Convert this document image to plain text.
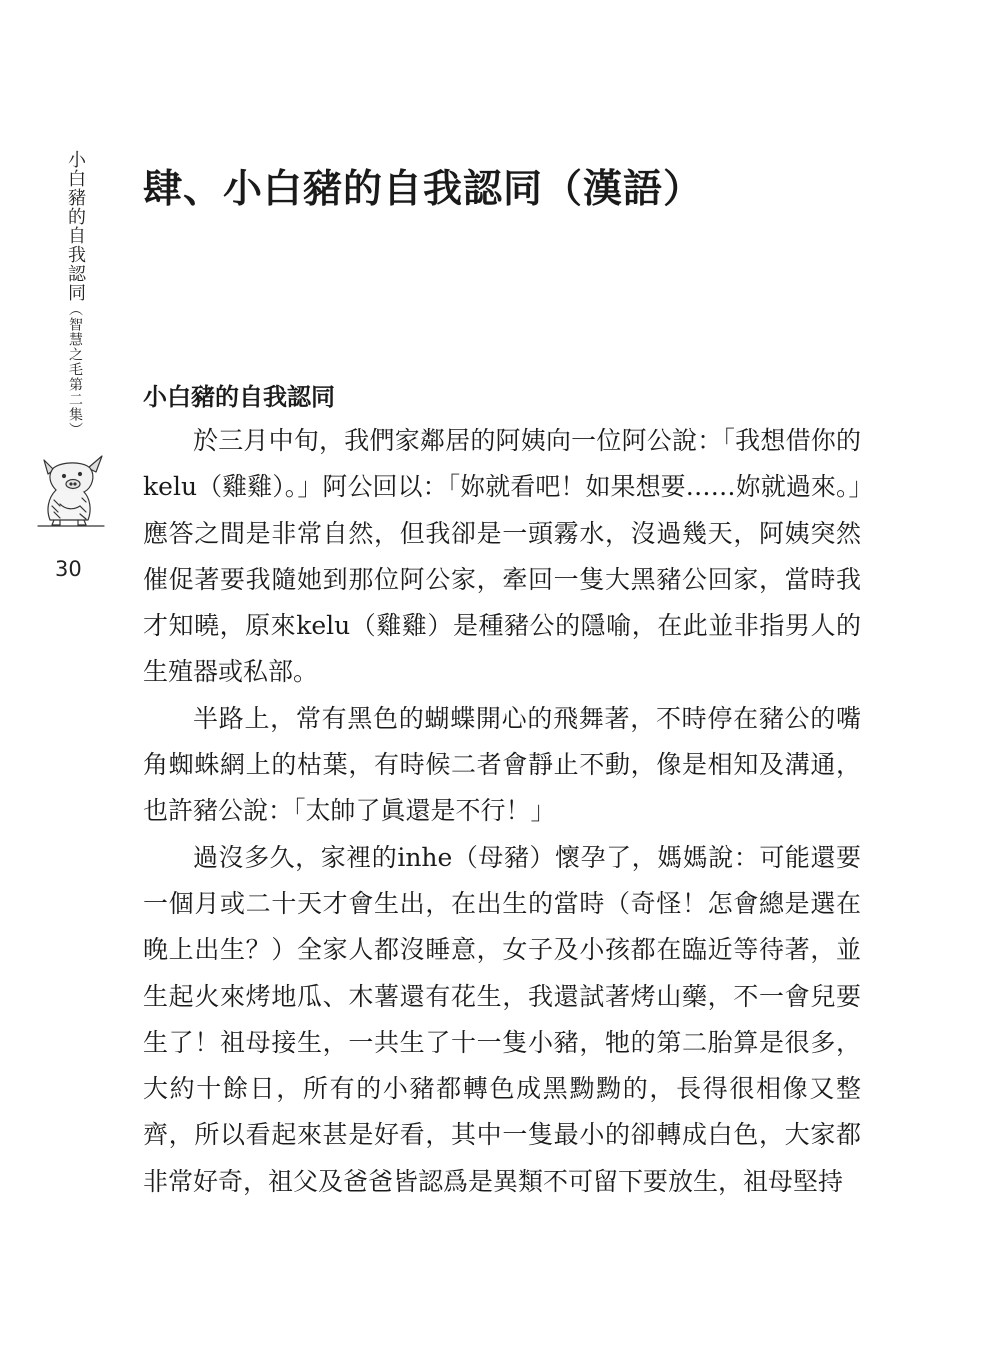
小白豬的自我認同（智慧之毛第二集）
30
肆、小白豬的自我認同（漢語）
小白豬的自我認同

於三月中旬，我們家鄰居的阿姨向一位阿公說：「我想借你的kelu（雞雞）。」阿公回以：「妳就看吧！如果想要……妳就過來。」應答之間是非常自然，但我卻是一頭霧水，沒過幾天，阿姨突然催促著要我隨她到那位阿公家，牽回一隻大黑豬公回家，當時我才知曉，原來kelu（雞雞）是種豬公的隱喻，在此並非指男人的生殖器或私部。

半路上，常有黑色的蝴蝶開心的飛舞著，不時停在豬公的嘴角蜘蛛網上的枯葉，有時候二者會靜止不動，像是相知及溝通，也許豬公說：「太帥了眞還是不行！」

過沒多久，家裡的inhe（母豬）懷孕了，媽媽說：可能還要一個月或二十天才會生出，在出生的當時（奇怪！怎會總是選在晚上出生？）全家人都沒睡意，女子及小孩都在臨近等待著，並生起火來烤地瓜、木薯還有花生，我還試著烤山藥，不一會兒要生了！祖母接生，一共生了十一隻小豬，牠的第二胎算是很多，大約十餘日，所有的小豬都轉色成黑黝黝的，長得很相像又整齊，所以看起來甚是好看，其中一隻最小的卻轉成白色，大家都非常好奇，祖父及爸爸皆認爲是異類不可留下要放生，祖母堅持
